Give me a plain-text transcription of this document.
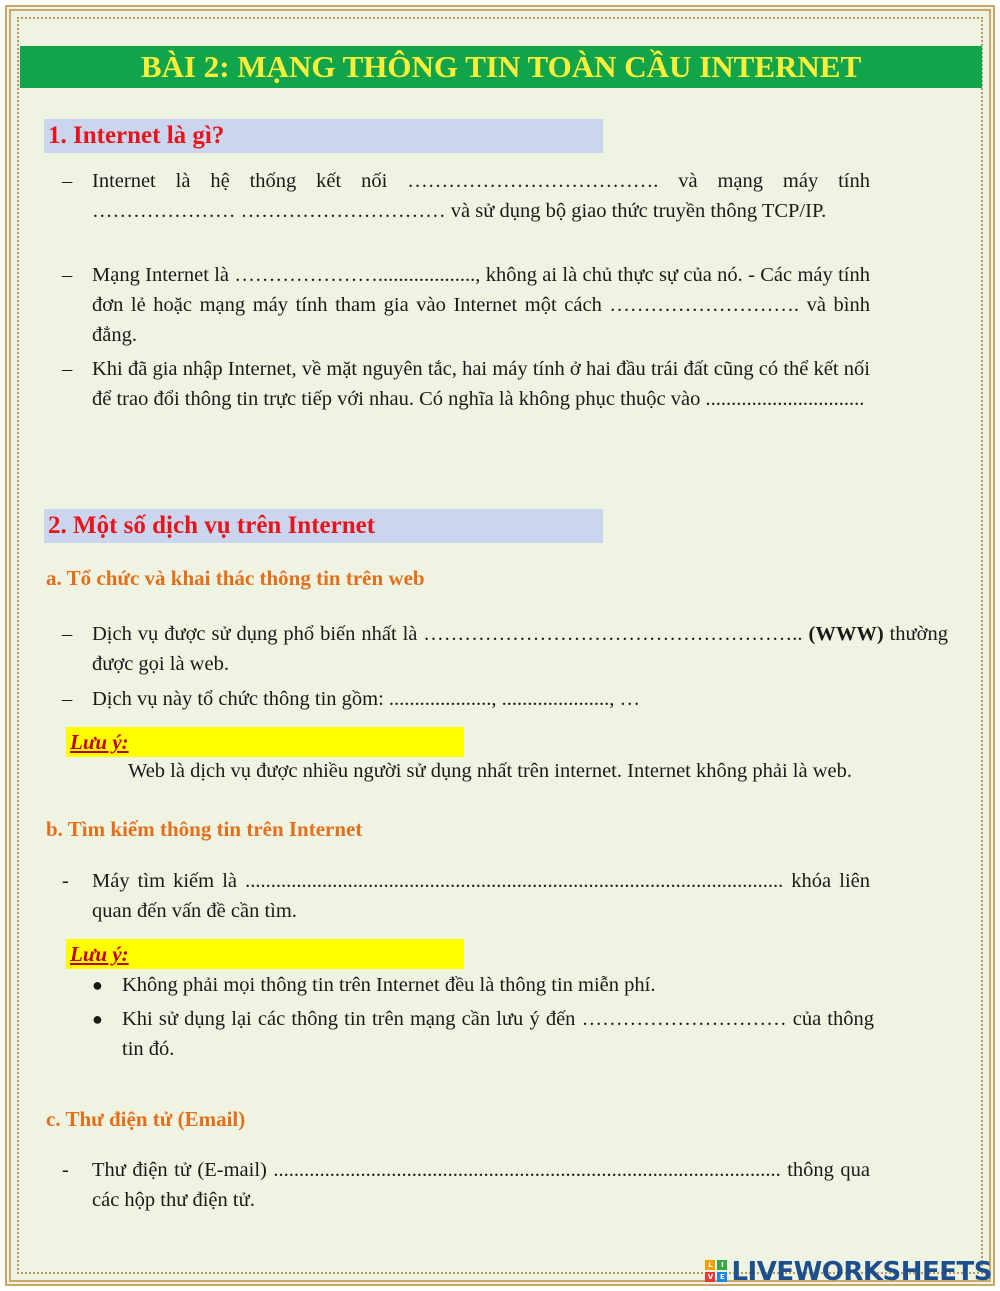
BÀI 2: MẠNG THÔNG TIN TOÀN CẦU INTERNET
1. Internet là gì?
– Internet là hệ thống kết nối ………………………………. và mạng máy tính ………………… ………………………… và sử dụng bộ giao thức truyền thông TCP/IP.
– Mạng Internet là …………………..................., không ai là chủ thực sự của nó. - Các máy tính đơn lẻ hoặc mạng máy tính tham gia vào Internet một cách ………………………. và bình đẳng.
– Khi đã gia nhập Internet, về mặt nguyên tắc, hai máy tính ở hai đầu trái đất cũng có thể kết nối để trao đổi thông tin trực tiếp với nhau. Có nghĩa là không phục thuộc vào ...............................
2. Một số dịch vụ trên Internet
a. Tổ chức và khai thác thông tin trên web
– Dịch vụ được sử dụng phổ biến nhất là ……………………………………………….. (WWW) thường được gọi là web.
– Dịch vụ này tổ chức thông tin gồm: ...................., ....................., …
Lưu ý:
Web là dịch vụ được nhiều người sử dụng nhất trên internet. Internet không phải là web.
b. Tìm kiếm thông tin trên Internet
- Máy tìm kiếm là ......................................................................................................... khóa liên quan đến vấn đề cần tìm.
Lưu ý:
● Không phải mọi thông tin trên Internet đều là thông tin miễn phí.
● Khi sử dụng lại các thông tin trên mạng cần lưu ý đến ………………………… của thông tin đó.
c. Thư điện tử (Email)
- Thư điện tử (E-mail) ................................................................................................... thông qua các hộp thư điện tử.
L	I
V E LIVEWORKSHEETS
